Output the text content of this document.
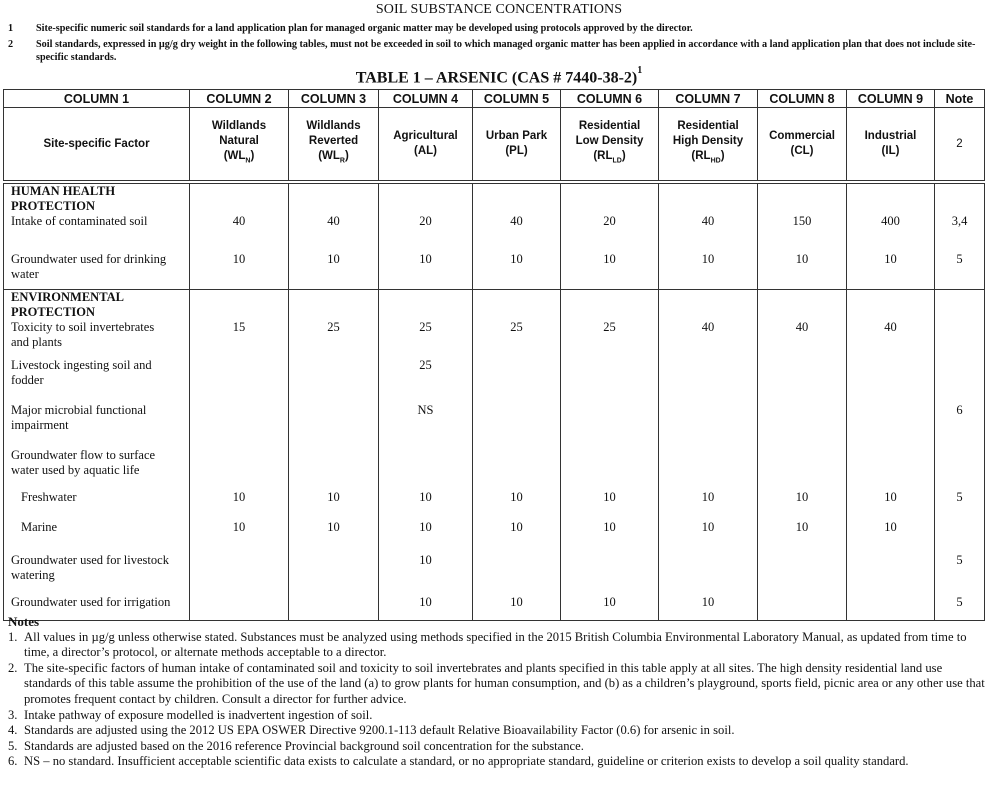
SOIL SUBSTANCE CONCENTRATIONS
1 Site-specific numeric soil standards for a land application plan for managed organic matter may be developed using protocols approved by the director.
2 Soil standards, expressed in µg/g dry weight in the following tables, must not be exceeded in soil to which managed organic matter has been applied in accordance with a land application plan that does not include site-specific standards.
TABLE 1 – ARSENIC (CAS # 7440-38-2)$^1$
COLUMN 1	COLUMN 2	COLUMN 3	COLUMN 4	COLUMN 5	COLUMN 6	COLUMN 7	COLUMN 8	COLUMN 9	Note

Site-specific Factor	Wildlands
Natural
$(WL_N)$	Wildlands
Reverted
$(WL_R)$	Agricultural
(AL)	Urban Park
(PL)	Residential
Low Density
$(RL_{LD})$	Residential
High Density
$(RL_{HD})$	Commercial
(CL)	Industrial
(IL)	2

HUMAN HEALTH
PROTECTION
Intake of contaminated soil	40	40	20	40	20	40	150	400	3,4

Groundwater used for drinking
water	10	10	10	10	10	10	10	10	5

ENVIRONMENTAL
PROTECTION
Toxicity to soil invertebrates
and plants	15	25	25	25	25	40	40	40	

Livestock ingesting soil and
fodder			25						

Major microbial functional
impairment			NS						6

Groundwater flow to surface
water used by aquatic life									

Freshwater	10	10	10	10	10	10	10	10	5

Marine	10	10	10	10	10	10	10	10	

Groundwater used for livestock
watering			10						5

Groundwater used for irrigation			10	10	10	10			5
Notes
1. All values in µg/g unless otherwise stated. Substances must be analyzed using methods specified in the 2015 British Columbia Environmental Laboratory Manual, as updated from time to time, a director’s protocol, or alternate methods acceptable to a director.
2. The site-specific factors of human intake of contaminated soil and toxicity to soil invertebrates and plants specified in this table apply at all sites. The high density residential land use standards of this table assume the prohibition of the use of the land (a) to grow plants for human consumption, and (b) as a children’s playground, sports field, picnic area or any other use that promotes frequent contact by children. Consult a director for further advice.
3. Intake pathway of exposure modelled is inadvertent ingestion of soil.
4. Standards are adjusted using the 2012 US EPA OSWER Directive 9200.1-113 default Relative Bioavailability Factor (0.6) for arsenic in soil.
5. Standards are adjusted based on the 2016 reference Provincial background soil concentration for the substance.
6. NS – no standard. Insufficient acceptable scientific data exists to calculate a standard, or no appropriate standard, guideline or criterion exists to develop a soil quality standard.
